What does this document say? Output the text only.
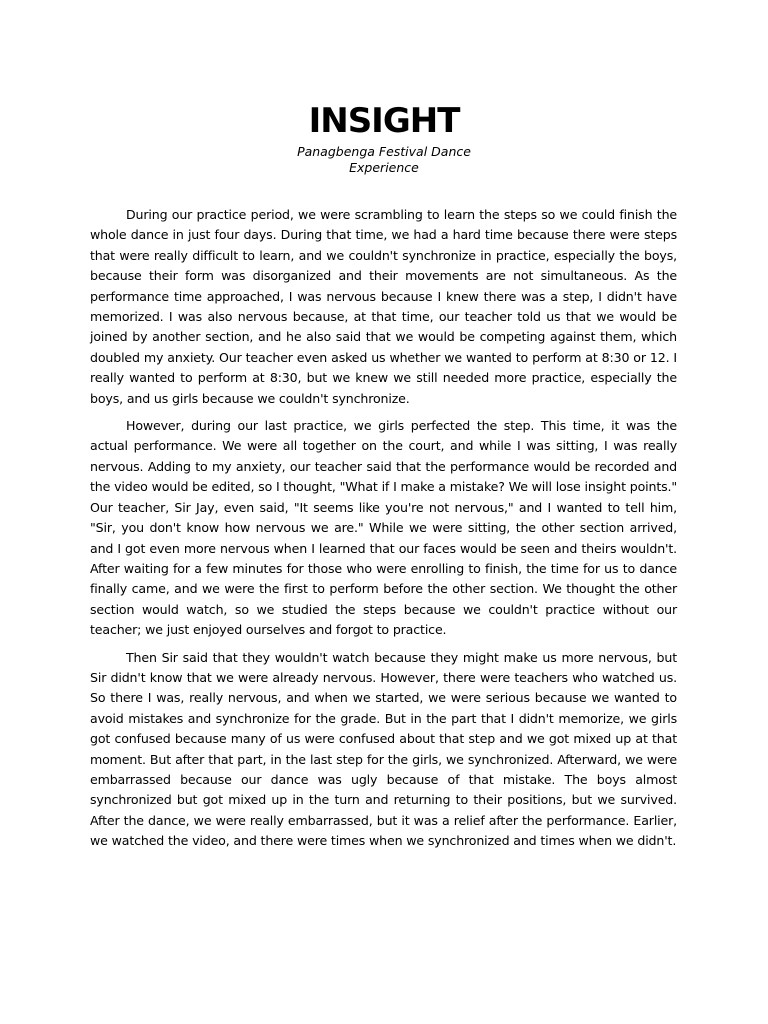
INSIGHT

Panagbenga Festival Dance Experience

During our practice period, we were scrambling to learn the steps so we could finish the whole dance in just four days. During that time, we had a hard time because there were steps that were really difficult to learn, and we couldn't synchronize in practice, especially the boys, because their form was disorganized and their movements are not simultaneous. As the performance time approached, I was nervous because I knew there was a step, I didn't have memorized. I was also nervous because, at that time, our teacher told us that we would be joined by another section, and he also said that we would be competing against them, which doubled my anxiety. Our teacher even asked us whether we wanted to perform at 8:30 or 12. I really wanted to perform at 8:30, but we knew we still needed more practice, especially the boys, and us girls because we couldn't synchronize.

However, during our last practice, we girls perfected the step. This time, it was the actual performance. We were all together on the court, and while I was sitting, I was really nervous. Adding to my anxiety, our teacher said that the performance would be recorded and the video would be edited, so I thought, "What if I make a mistake? We will lose insight points." Our teacher, Sir Jay, even said, "It seems like you're not nervous," and I wanted to tell him, "Sir, you don't know how nervous we are." While we were sitting, the other section arrived, and I got even more nervous when I learned that our faces would be seen and theirs wouldn't. After waiting for a few minutes for those who were enrolling to finish, the time for us to dance finally came, and we were the first to perform before the other section. We thought the other section would watch, so we studied the steps because we couldn't practice without our teacher; we just enjoyed ourselves and forgot to practice.

Then Sir said that they wouldn't watch because they might make us more nervous, but Sir didn't know that we were already nervous. However, there were teachers who watched us. So there I was, really nervous, and when we started, we were serious because we wanted to avoid mistakes and synchronize for the grade. But in the part that I didn't memorize, we girls got confused because many of us were confused about that step and we got mixed up at that moment. But after that part, in the last step for the girls, we synchronized. Afterward, we were embarrassed because our dance was ugly because of that mistake. The boys almost synchronized but got mixed up in the turn and returning to their positions, but we survived. After the dance, we were really embarrassed, but it was a relief after the performance. Earlier, we watched the video, and there were times when we synchronized and times when we didn't.
